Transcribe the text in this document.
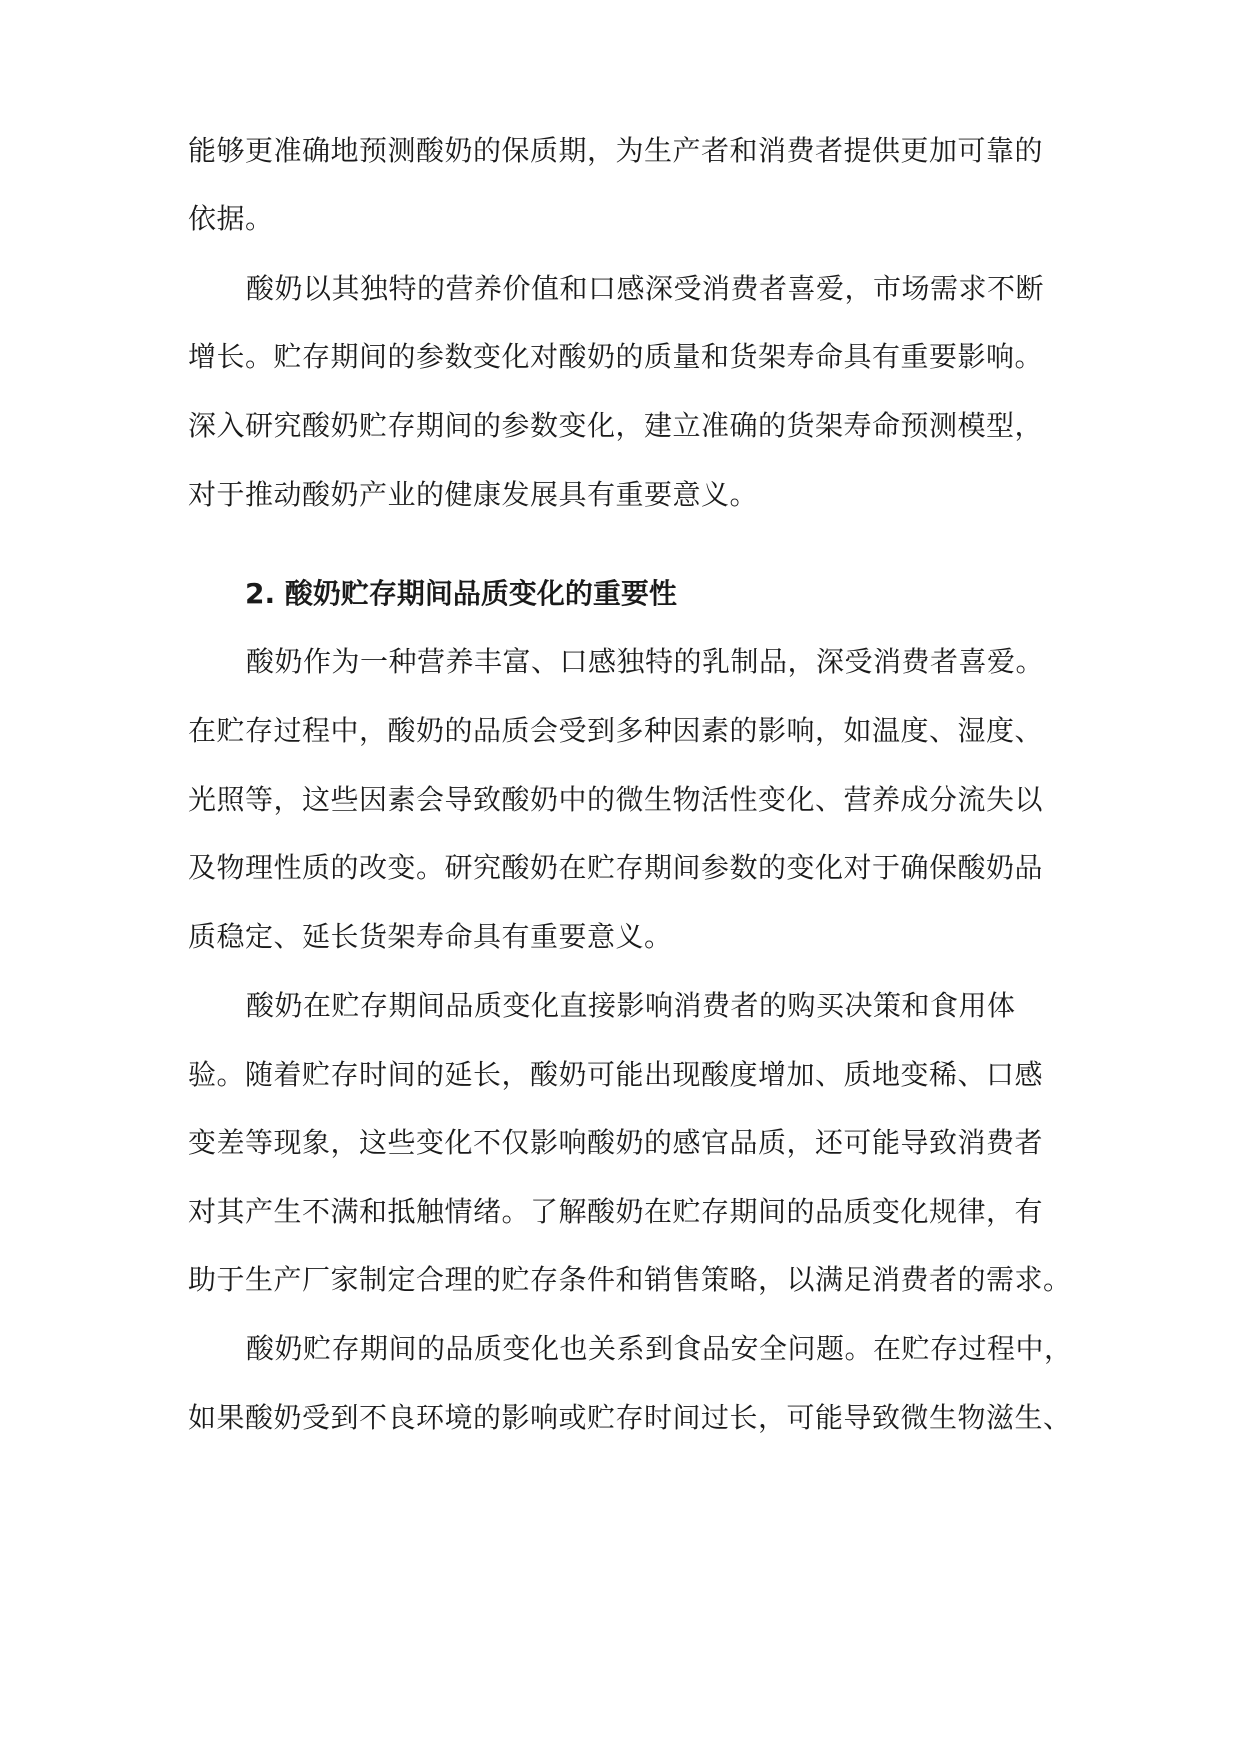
能够更准确地预测酸奶的保质期，为生产者和消费者提供更加可靠的
依据。
酸奶以其独特的营养价值和口感深受消费者喜爱，市场需求不断
增长。贮存期间的参数变化对酸奶的质量和货架寿命具有重要影响。
深入研究酸奶贮存期间的参数变化，建立准确的货架寿命预测模型，
对于推动酸奶产业的健康发展具有重要意义。
2. 酸奶贮存期间品质变化的重要性
酸奶作为一种营养丰富、口感独特的乳制品，深受消费者喜爱。
在贮存过程中，酸奶的品质会受到多种因素的影响，如温度、湿度、
光照等，这些因素会导致酸奶中的微生物活性变化、营养成分流失以
及物理性质的改变。研究酸奶在贮存期间参数的变化对于确保酸奶品
质稳定、延长货架寿命具有重要意义。
酸奶在贮存期间品质变化直接影响消费者的购买决策和食用体
验。随着贮存时间的延长，酸奶可能出现酸度增加、质地变稀、口感
变差等现象，这些变化不仅影响酸奶的感官品质，还可能导致消费者
对其产生不满和抵触情绪。了解酸奶在贮存期间的品质变化规律，有
助于生产厂家制定合理的贮存条件和销售策略，以满足消费者的需求。
酸奶贮存期间的品质变化也关系到食品安全问题。在贮存过程中，
如果酸奶受到不良环境的影响或贮存时间过长，可能导致微生物滋生、
